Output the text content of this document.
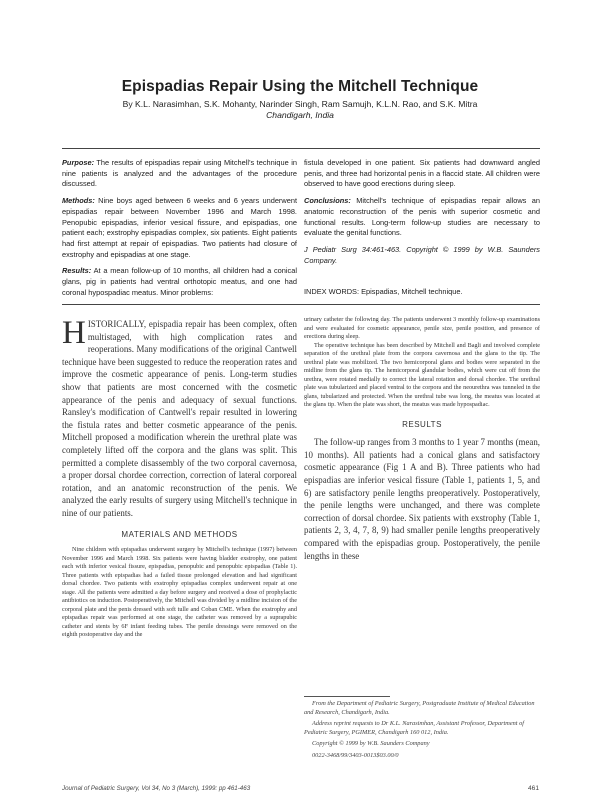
Epispadias Repair Using the Mitchell Technique
By K.L. Narasimhan, S.K. Mohanty, Narinder Singh, Ram Samujh, K.L.N. Rao, and S.K. Mitra
Chandigarh, India

Purpose: The results of epispadias repair using Mitchell's technique in nine patients is analyzed and the advantages of the procedure discussed.

Methods: Nine boys aged between 6 weeks and 6 years underwent epispadias repair between November 1996 and March 1998. Penopubic epispadias, inferior vesical fissure, and epispadias, one patient each; exstrophy epispadias complex, six patients. Eight patients had first attempt at repair of epispadias. Two patients had closure of exstrophy and epispadias at one stage.

Results: At a mean follow-up of 10 months, all children had a conical glans, pig in patients had ventral orthotopic meatus, and one had coronal hypospadiac meatus. Minor problems:

fistula developed in one patient. Six patients had downward angled penis, and three had horizontal penis in a flaccid state. All children were observed to have good erections during sleep.

Conclusions: Mitchell's technique of epispadias repair allows an anatomic reconstruction of the penis with superior cosmetic and functional results. Long-term follow-up studies are necessary to evaluate the genital functions.

J Pediatr Surg 34:461-463. Copyright © 1999 by W.B. Saunders Company.

INDEX WORDS: Epispadias, Mitchell technique.

HISTORICALLY, epispadia repair has been complex, often multistaged, with high complication rates and reoperations. Many modifications of the original Cantwell technique have been suggested to reduce the reoperation rates and improve the cosmetic appearance of penis. Long-term studies show that patients are most concerned with the cosmetic appearance of the penis and adequacy of sexual functions. Ransley's modification of Cantwell's repair resulted in lowering the fistula rates and better cosmetic appearance of the penis. Mitchell proposed a modification wherein the urethral plate was completely lifted off the corpora and the glans was split. This permitted a complete disassembly of the two corporal cavernosa, a proper dorsal chordee correction, correction of lateral corporeal rotation, and an anatomic reconstruction of the penis. We analyzed the early results of surgery using Mitchell's technique in nine of our patients.

MATERIALS AND METHODS

Nine children with epispadias underwent surgery by Mitchell's technique (1997) between November 1996 and March 1998. Six patients were having bladder exstrophy, one patient each with inferior vesical fissure, epispadias, penopubic and penopubic epispadias (Table 1). Three patients with epispadias had a failed tissue prolonged elevation and had significant dorsal chordee. Two patients with exstrophy epispadias complex underwent repair at one stage. All the patients were admitted a day before surgery and received a dose of prophylactic antibiotics on induction. Postoperatively, the Mitchell was divided by a midline incision of the corporal plate and the penis dressed with soft tulle and Coban CME. When the exstrophy and epispadias repair was performed at one stage, the catheter was removed by a suprapubic catheter and stents by 6F infant feeding tubes. The penile dressings were removed on the eighth postoperative day and the

urinary catheter the following day. The patients underwent 3 monthly follow-up examinations and were evaluated for cosmetic appearance, penile size, penile position, and presence of erections during sleep.

The operative technique has been described by Mitchell and Bagli and involved complete separation of the urethral plate from the corpora cavernosa and the glans to the tip. The urethral plate was mobilized. The two hemicorporal glans and bodies were separated in the midline from the glans tip. The hemicorporal glandular bodies, which were cut off from the urethra, were rotated medially to correct the lateral rotation and dorsal chordee. The urethral plate was tubularized and placed ventral to the corpora and the neourethra was tunneled in the glans, tubularized and protected. When the urethral tube was long, the meatus was located at the glans tip. When the plate was short, the meatus was made hypospadiac.

RESULTS

The follow-up ranges from 3 months to 1 year 7 months (mean, 10 months). All patients had a conical glans and satisfactory cosmetic appearance (Fig 1 A and B). Three patients who had epispadias are inferior vesical fissure (Table 1, patients 1, 5, and 6) are satisfactory penile lengths preoperatively. Postoperatively, the penile lengths were unchanged, and there was complete correction of dorsal chordee. Six patients with exstrophy (Table 1, patients 2, 3, 4, 7, 8, 9) had smaller penile lengths preoperatively compared with the epispadias group. Postoperatively, the penile lengths in these

From the Department of Pediatric Surgery, Postgraduate Institute of Medical Education and Research, Chandigarh, India.

Address reprint requests to Dr K.L. Narasimhan, Assistant Professor, Department of Pediatric Surgery, PGIMER, Chandigarh 160 012, India.

Copyright © 1999 by W.B. Saunders Company

0022-3468/99/3403-0013$03.00/0

Journal of Pediatric Surgery, Vol 34, No 3 (March), 1999: pp 461-463	461
